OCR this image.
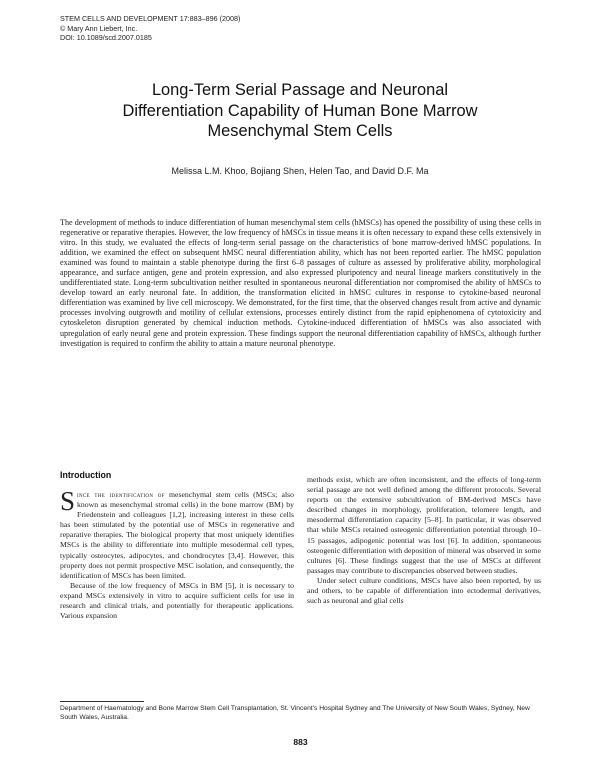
STEM CELLS AND DEVELOPMENT 17:883–896 (2008)
© Mary Ann Liebert, Inc.
DOI: 10.1089/scd.2007.0185
Long-Term Serial Passage and Neuronal
Differentiation Capability of Human Bone Marrow
Mesenchymal Stem Cells
Melissa L.M. Khoo, Bojiang Shen, Helen Tao, and David D.F. Ma
The development of methods to induce differentiation of human mesenchymal stem cells (hMSCs) has opened the possibility of using these cells in regenerative or reparative therapies. However, the low frequency of hMSCs in tissue means it is often necessary to expand these cells extensively in vitro. In this study, we evaluated the effects of long-term serial passage on the characteristics of bone marrow-derived hMSC populations. In addition, we examined the effect on subsequent hMSC neural differentiation ability, which has not been reported earlier. The hMSC population examined was found to maintain a stable phenotype during the first 6–8 passages of culture as assessed by proliferative ability, morphological appearance, and surface antigen, gene and protein expression, and also expressed pluripotency and neural lineage markers constitutively in the undifferentiated state. Long-term subcultivation neither resulted in spontaneous neuronal differentiation nor compromised the ability of hMSCs to develop toward an early neuronal fate. In addition, the transformation elicited in hMSC cultures in response to cytokine-based neuronal differentiation was examined by live cell microscopy. We demonstrated, for the first time, that the observed changes result from active and dynamic processes involving outgrowth and motility of cellular extensions, processes entirely distinct from the rapid epiphenomena of cytotoxicity and cytoskeleton disruption generated by chemical induction methods. Cytokine-induced differentiation of hMSCs was also associated with upregulation of early neural gene and protein expression. These findings support the neuronal differentiation capability of hMSCs, although further investigation is required to confirm the ability to attain a mature neuronal phenotype.
Introduction

Since the identification of mesenchymal stem cells (MSCs; also known as mesenchymal stromal cells) in the bone marrow (BM) by Friedenstein and colleagues [1,2], increasing interest in these cells has been stimulated by the potential use of MSCs in regenerative and reparative therapies. The biological property that most uniquely identifies MSCs is the ability to differentiate into multiple mesodermal cell types, typically osteocytes, adipocytes, and chondrocytes [3,4]. However, this property does not permit prospective MSC isolation, and consequently, the identification of MSCs has been limited.

Because of the low frequency of MSCs in BM [5], it is necessary to expand MSCs extensively in vitro to acquire sufficient cells for use in research and clinical trials, and potentially for therapeutic applications. Various expansion

methods exist, which are often inconsistent, and the effects of long-term serial passage are not well defined among the different protocols. Several reports on the extensive subcultivation of BM-derived MSCs have described changes in morphology, proliferation, telomere length, and mesodermal differentiation capacity [5–8]. In particular, it was observed that while MSCs retained osteogenic differentiation potential through 10–15 passages, adipogenic potential was lost [6]. In addition, spontaneous osteogenic differentiation with deposition of mineral was observed in some cultures [6]. These findings suggest that the use of MSCs at different passages may contribute to discrepancies observed between studies.

Under select culture conditions, MSCs have also been reported, by us and others, to be capable of differentiation into ectodermal derivatives, such as neuronal and glial cells

Department of Haematology and Bone Marrow Stem Cell Transplantation, St. Vincent’s Hospital Sydney and The University of New South Wales, Sydney, New South Wales, Australia.
883
